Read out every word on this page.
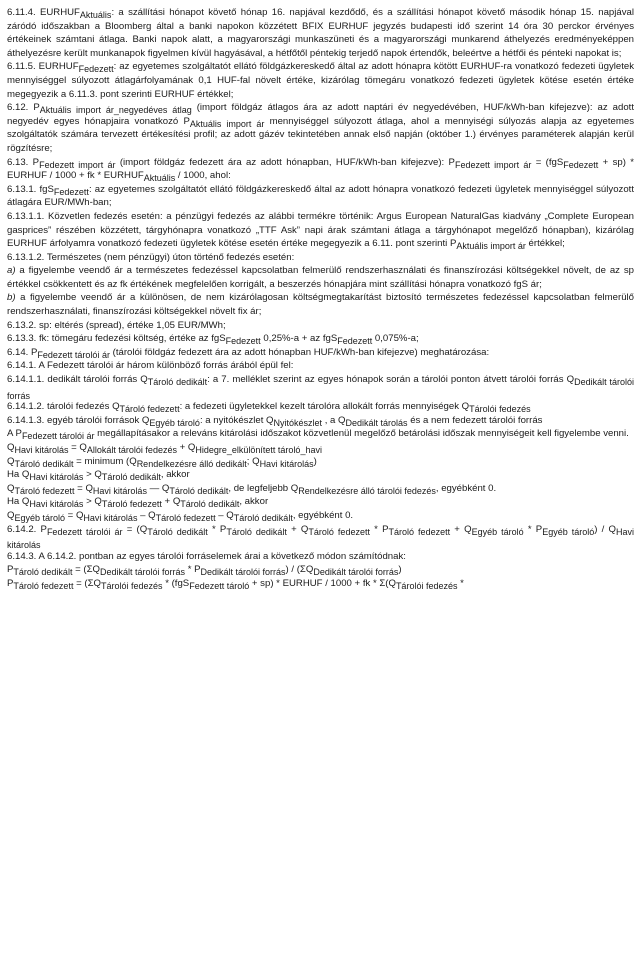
6.11.4. $EURHUF_{Aktuális}$: a szállítási hónapot követő hónap 16. napjával kezdődő, és a szállítási hónapot követő második hónap 15. napjával záródó időszakban a Bloomberg által a banki napokon közzétett BFIX EURHUF jegyzés budapesti idő szerint 14 óra 30 perckor érvényes értékeinek számtani átlaga. Banki napok alatt, a magyarországi munkaszüneti és a magyarországi munkarend áthelyezés eredményeképpen áthelyezésre került munkanapok figyelmen kívül hagyásával, a hétfőtől péntekig terjedő napok értendők, beleértve a hétfői és pénteki napokat is;

6.11.5. $EURHUF_{Fedezett}$: az egyetemes szolgáltatót ellátó földgázkereskedő által az adott hónapra kötött EURHUF-ra vonatkozó fedezeti ügyletek mennyiséggel súlyozott átlagárfolyamának 0,1 HUF-fal növelt értéke, kizárólag tömegáru vonatkozó fedezeti ügyletek kötése esetén értéke megegyezik a 6.11.3. pont szerinti EURHUF értékkel;

6.12. $P_{Aktuális import ár\_negyedéves átlag}$ (import földgáz átlagos ára az adott naptári év negyedévében, HUF/kWh-ban kifejezve): az adott negyedév egyes hónapjaira vonatkozó $P_{Aktuális import ár}$ mennyiséggel súlyozott átlaga, ahol a mennyiségi súlyozás alapja az egyetemes szolgáltatók számára tervezett értékesítési profil; az adott gázév tekintetében annak első napján (október 1.) érvényes paraméterek alapján kerül rögzítésre;

6.13. $P_{Fedezett import ár}$ (import földgáz fedezett ára az adott hónapban, HUF/kWh-ban kifejezve): $P_{Fedezett import ár} = (fgS_{Fedezett} + sp)$ * EURHUF / 1000 + fk * $EURHUF_{Aktuális} / 1000$, ahol:

6.13.1. fgS$_{Fedezett}$: az egyetemes szolgáltatót ellátó földgázkereskedő által az adott hónapra vonatkozó fedezeti ügyletek mennyiséggel súlyozott átlagára EUR/MWh-ban;

6.13.1.1. Közvetlen fedezés esetén: a pénzügyi fedezés az alábbi termékre történik: Argus European NaturalGas kiadvány „Complete European gasprices” részében közzétett, tárgyhónapra vonatkozó „TTF Ask” napi árak számtani átlaga a tárgyhónapot megelőző hónapban), kizárólag EURHUF árfolyamra vonatkozó fedezeti ügyletek kötése esetén értéke megegyezik a 6.11. pont szerinti $P_{Aktuális import ár}$ értékkel;

6.13.1.2. Természetes (nem pénzügyi) úton történő fedezés esetén:

a) a figyelembe veendő ár a természetes fedezéssel kapcsolatban felmerülő rendszerhasználati és finanszírozási költségekkel növelt, de az sp értékkel csökkentett és az fk értékének megfelelően korrigált, a beszerzés hónapjára mint szállítási hónapra vonatkozó fgS ár;

b) a figyelembe veendő ár a különösen, de nem kizárólagosan költségmegtakarítást biztosító természetes fedezéssel kapcsolatban felmerülő rendszerhasználati, finanszírozási költségekkel növelt fix ár;

6.13.2. sp: eltérés (spread), értéke 1,05 EUR/MWh;

6.13.3. fk: tömegáru fedezési költség, értéke az fgS$_{Fedezett}$ 0,25%-a + az fgS$_{Fedezett}$ 0,075%-a;

6.14. $P_{Fedezett tárolói ár}$ (tárolói földgáz fedezett ára az adott hónapban HUF/kWh-ban kifejezve) meghatározása:

6.14.1. A Fedezett tárolói ár három különböző forrás árából épül fel:

6.14.1.1. dedikált tárolói forrás $Q_{Tároló dedikált}$: a 7. melléklet szerint az egyes hónapok során a tárolói ponton átvett tárolói forrás $Q_{Dedikált tárolói forrás}$

6.14.1.2. tárolói fedezés $Q_{Tároló fedezett}$: a fedezeti ügyletekkel kezelt tárolóra allokált forrás mennyiségek $Q_{Tárolói fedezés}$

6.14.1.3. egyéb tárolói források $Q_{Egyéb tároló}$: a nyitókészlet $Q_{Nyitókészlet}$ , a $Q_{Dedikált tárolás}$ és a nem fedezett tárolói forrás

A $P_{Fedezett tárolói ár}$ megállapításakor a releváns kitárolási időszakot közvetlenül megelőző betárolási időszak mennyiségeit kell figyelembe venni.

$Q_{Havi kitárolás} = Q_{Allokált tárolói fedezés} + Q_{Hidegre\_elkülönített tároló\_havi}$

$Q_{Tároló dedikált}$ = minimum ($Q_{Rendelkezésre álló dedikált}$; $Q_{Havi kitárolás}$)

Ha $Q_{Havi kitárolás} > Q_{Tároló dedikált}$, akkor

$Q_{Tároló fedezett} = Q_{Havi kitárolás}$ — $Q_{Tároló dedikált}$, de legfeljebb $Q_{Rendelkezésre álló tárolói fedezés}$, egyébként 0.

Ha $Q_{Havi kitárolás} > Q_{Tároló fedezett} + Q_{Tároló dedikált}$, akkor

$Q_{Egyéb tároló} = Q_{Havi kitárolás} - Q_{Tároló fedezett} - Q_{Tároló dedikált}$, egyébként 0.

6.14.2. $P_{Fedezett tárolói ár} = (Q_{Tároló dedikált} * P_{Tároló dedikált} + Q_{Tároló fedezett} * P_{Tároló fedezett} + Q_{Egyéb tároló} * P_{Egyéb tároló}) / Q_{Havi kitárolás}$

6.14.3. A 6.14.2. pontban az egyes tárolói forráselemek árai a következő módon számítódnak:

$P_{Tároló dedikált} = (\Sigma Q_{Dedikált tárolói forrás} * P_{Dedikált tárolói forrás}) / (\Sigma Q_{Dedikált tárolói forrás})$

$P_{Tároló fedezett} = (\Sigma Q_{Tárolói fedezés} * (fgS_{Fedezett tároló} + sp)$ * EURHUF / 1000 + fk * $\Sigma(Q_{Tárolói fedezés}$ *
